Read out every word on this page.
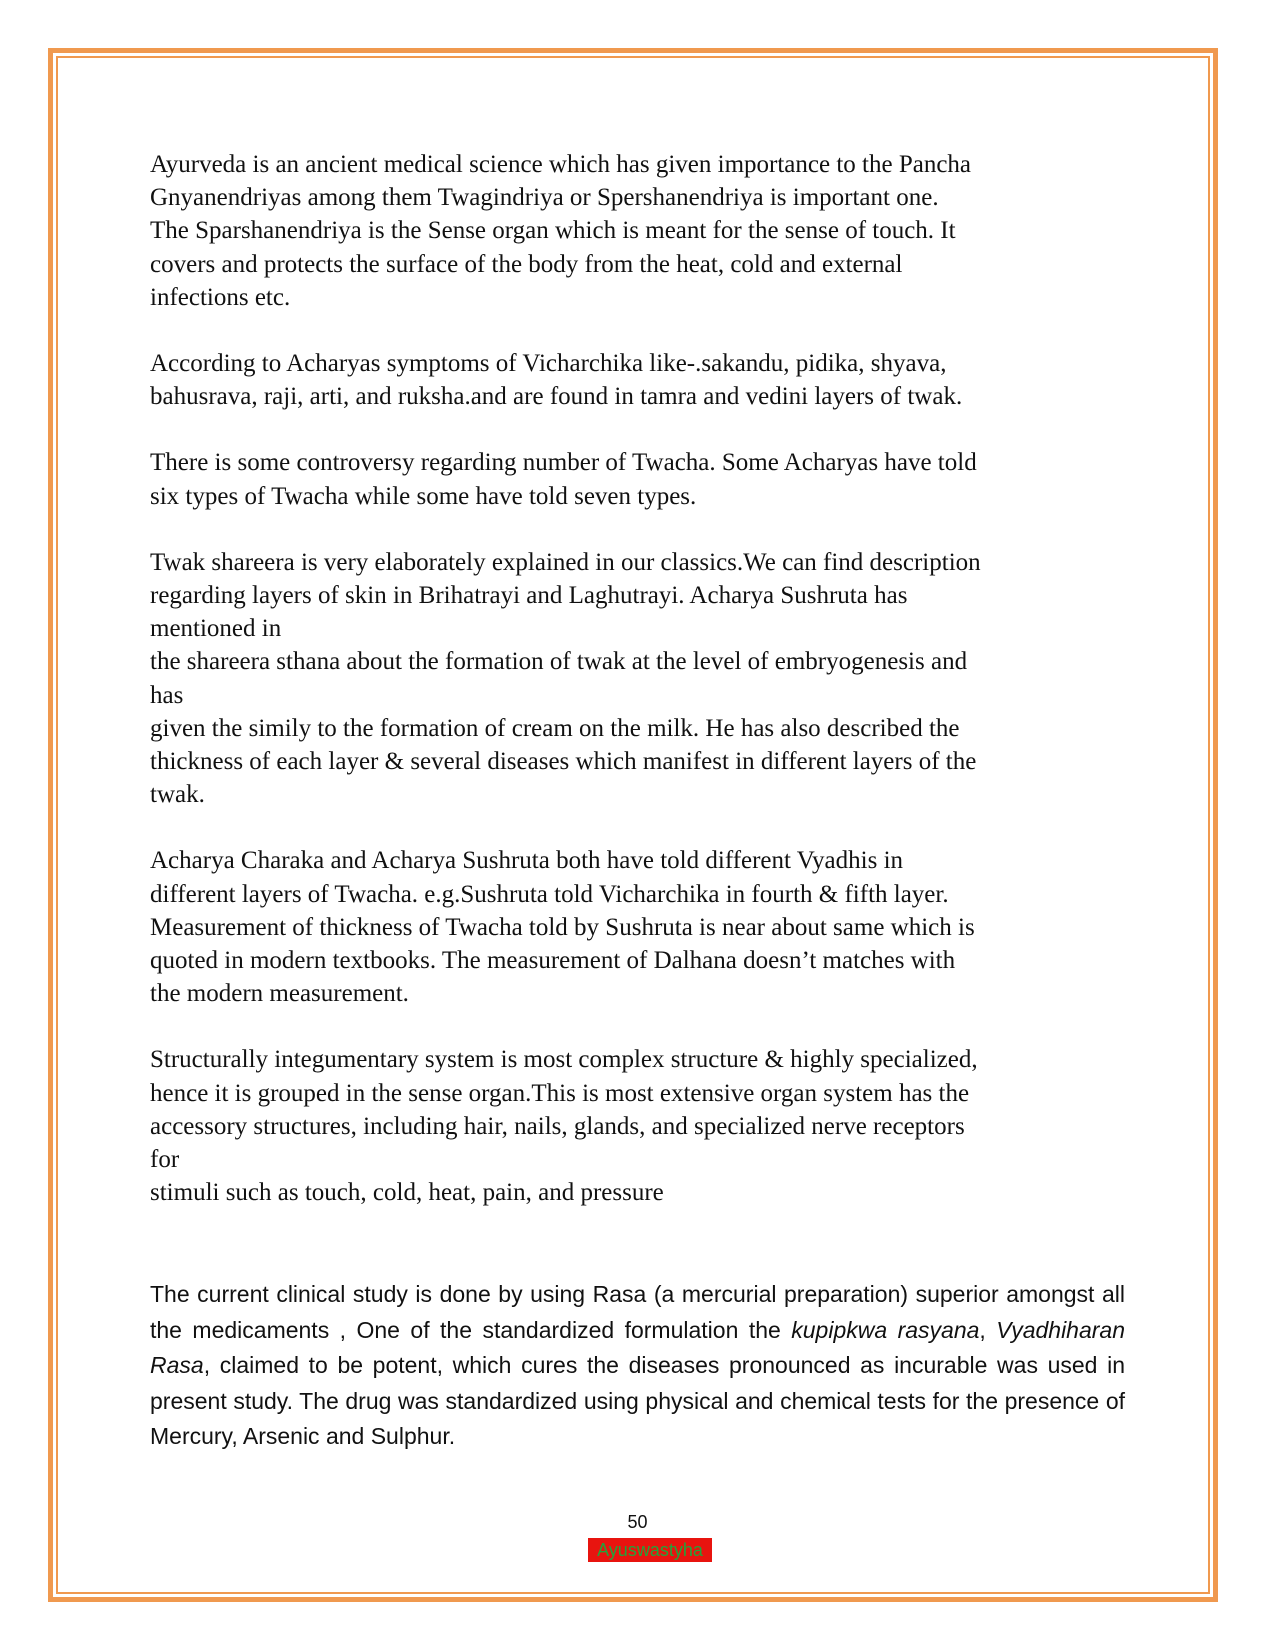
Ayurveda is an ancient medical science which has given importance to the Pancha
Gnyanendriyas among them Twagindriya or Spershanendriya is important one.
The Sparshanendriya is the Sense organ which is meant for the sense of touch. It
covers and protects the surface of the body from the heat, cold and external
infections etc.

According to Acharyas symptoms of Vicharchika like-.sakandu, pidika, shyava,
bahusrava, raji, arti, and ruksha.and are found in tamra and vedini layers of twak.

There is some controversy regarding number of Twacha. Some Acharyas have told
six types of Twacha while some have told seven types.

Twak shareera is very elaborately explained in our classics.We can find description
regarding layers of skin in Brihatrayi and Laghutrayi. Acharya Sushruta has
mentioned in
the shareera sthana about the formation of twak at the level of embryogenesis and
has
given the simily to the formation of cream on the milk. He has also described the
thickness of each layer & several diseases which manifest in different layers of the
twak.

Acharya Charaka and Acharya Sushruta both have told different Vyadhis in
different layers of Twacha. e.g.Sushruta told Vicharchika in fourth & fifth layer.
Measurement of thickness of Twacha told by Sushruta is near about same which is
quoted in modern textbooks. The measurement of Dalhana doesn’t matches with
the modern measurement.

Structurally integumentary system is most complex structure & highly specialized,
hence it is grouped in the sense organ.This is most extensive organ system has the
accessory structures, including hair, nails, glands, and specialized nerve receptors
for
stimuli such as touch, cold, heat, pain, and pressure

The current clinical study is done by using Rasa (a mercurial preparation) superior amongst all the medicaments , One of the standardized formulation the kupipkwa rasyana, Vyadhiharan Rasa, claimed to be potent, which cures the diseases pronounced as incurable was used in present study. The drug was standardized using physical and chemical tests for the presence of Mercury, Arsenic and Sulphur.

50
Ayuswastyha
